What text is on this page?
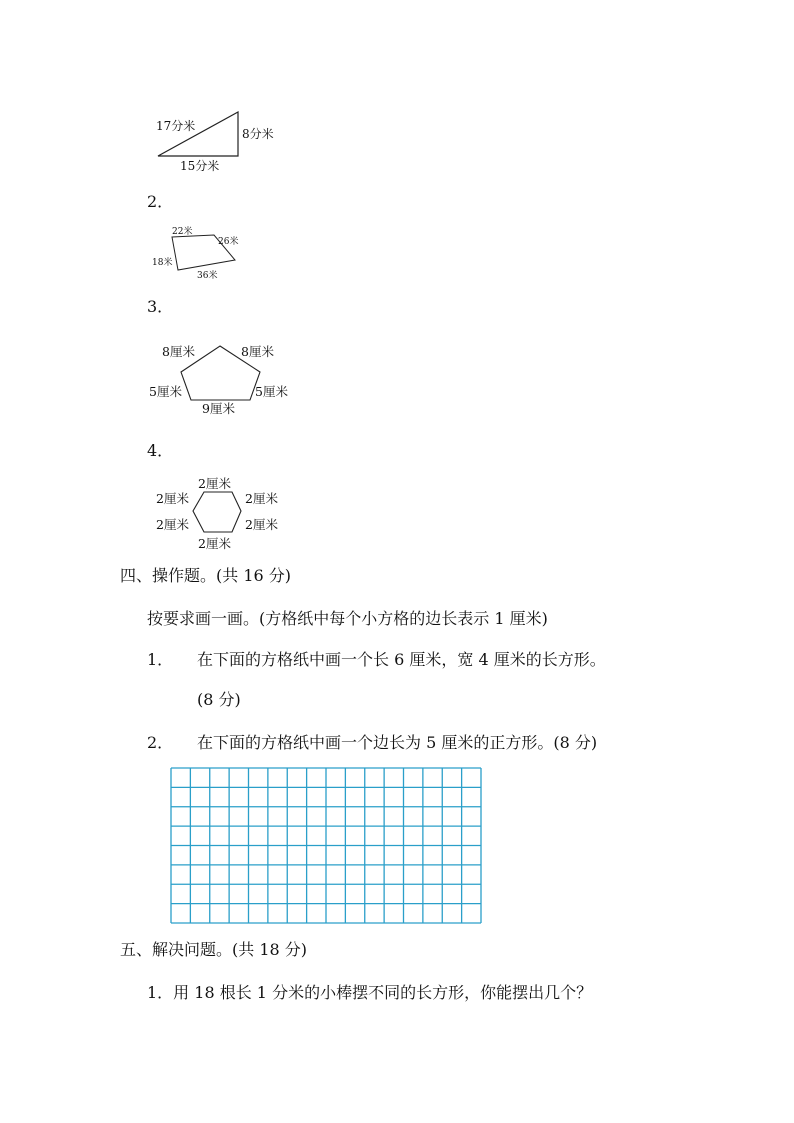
17分米
8分米
15分米
2．
22米
26米
18米
36米
3．
8厘米	8厘米
5厘米	5厘米
9厘米
4．
2厘米
2厘米	2厘米
2厘米	2厘米
2厘米
四、操作题。(共 16 分)
按要求画一画。(方格纸中每个小方格的边长表示 1 厘米)
1． 在下面的方格纸中画一个长 6 厘米，宽 4 厘米的长方形。
(8 分)
2． 在下面的方格纸中画一个边长为 5 厘米的正方形。(8 分)
五、解决问题。(共 18 分)
1．用 18 根长 1 分米的小棒摆不同的长方形，你能摆出几个？
